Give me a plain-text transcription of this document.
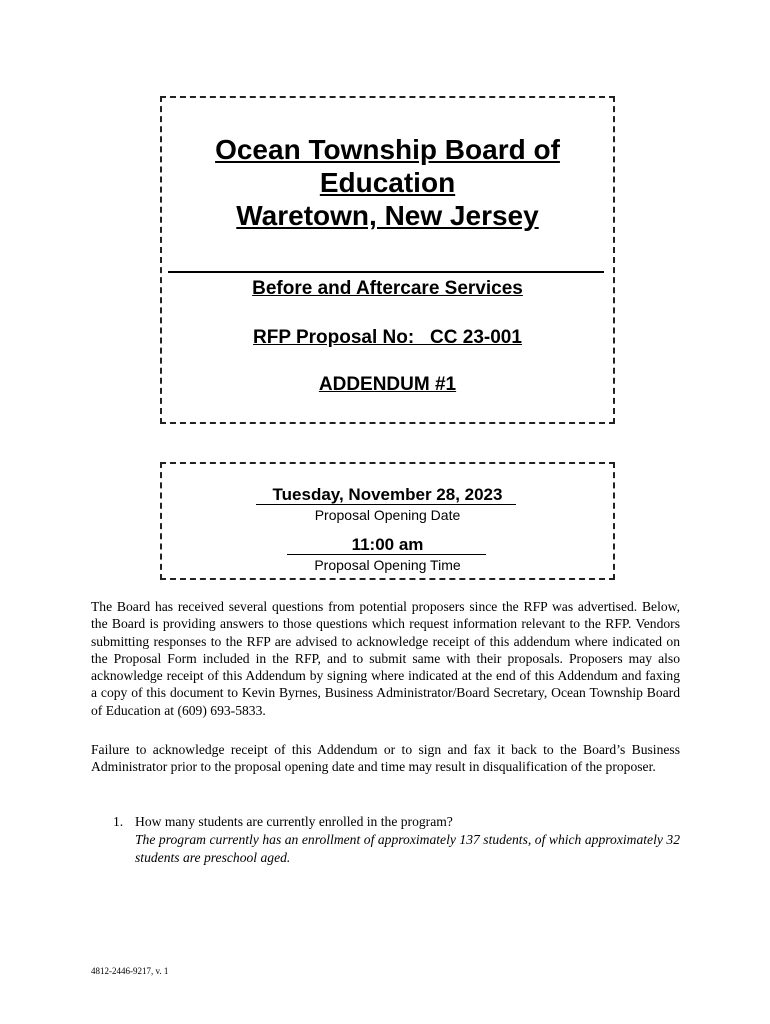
Ocean Township Board of
Education
Waretown, New Jersey
Before and Aftercare Services
RFP Proposal No:   CC 23-001
ADDENDUM #1
Tuesday, November 28, 2023
Proposal Opening Date
11:00 am
Proposal Opening Time
The Board has received several questions from potential proposers since the RFP was advertised. Below, the Board is providing answers to those questions which request information relevant to the RFP. Vendors submitting responses to the RFP are advised to acknowledge receipt of this addendum where indicated on the Proposal Form included in the RFP, and to submit same with their proposals. Proposers may also acknowledge receipt of this Addendum by signing where indicated at the end of this Addendum and faxing a copy of this document to Kevin Byrnes, Business Administrator/Board Secretary, Ocean Township Board of Education at (609) 693-5833.
Failure to acknowledge receipt of this Addendum or to sign and fax it back to the Board’s Business Administrator prior to the proposal opening date and time may result in disqualification of the proposer.
1. How many students are currently enrolled in the program?
The program currently has an enrollment of approximately 137 students, of which approximately 32 students are preschool aged.
4812-2446-9217, v. 1
